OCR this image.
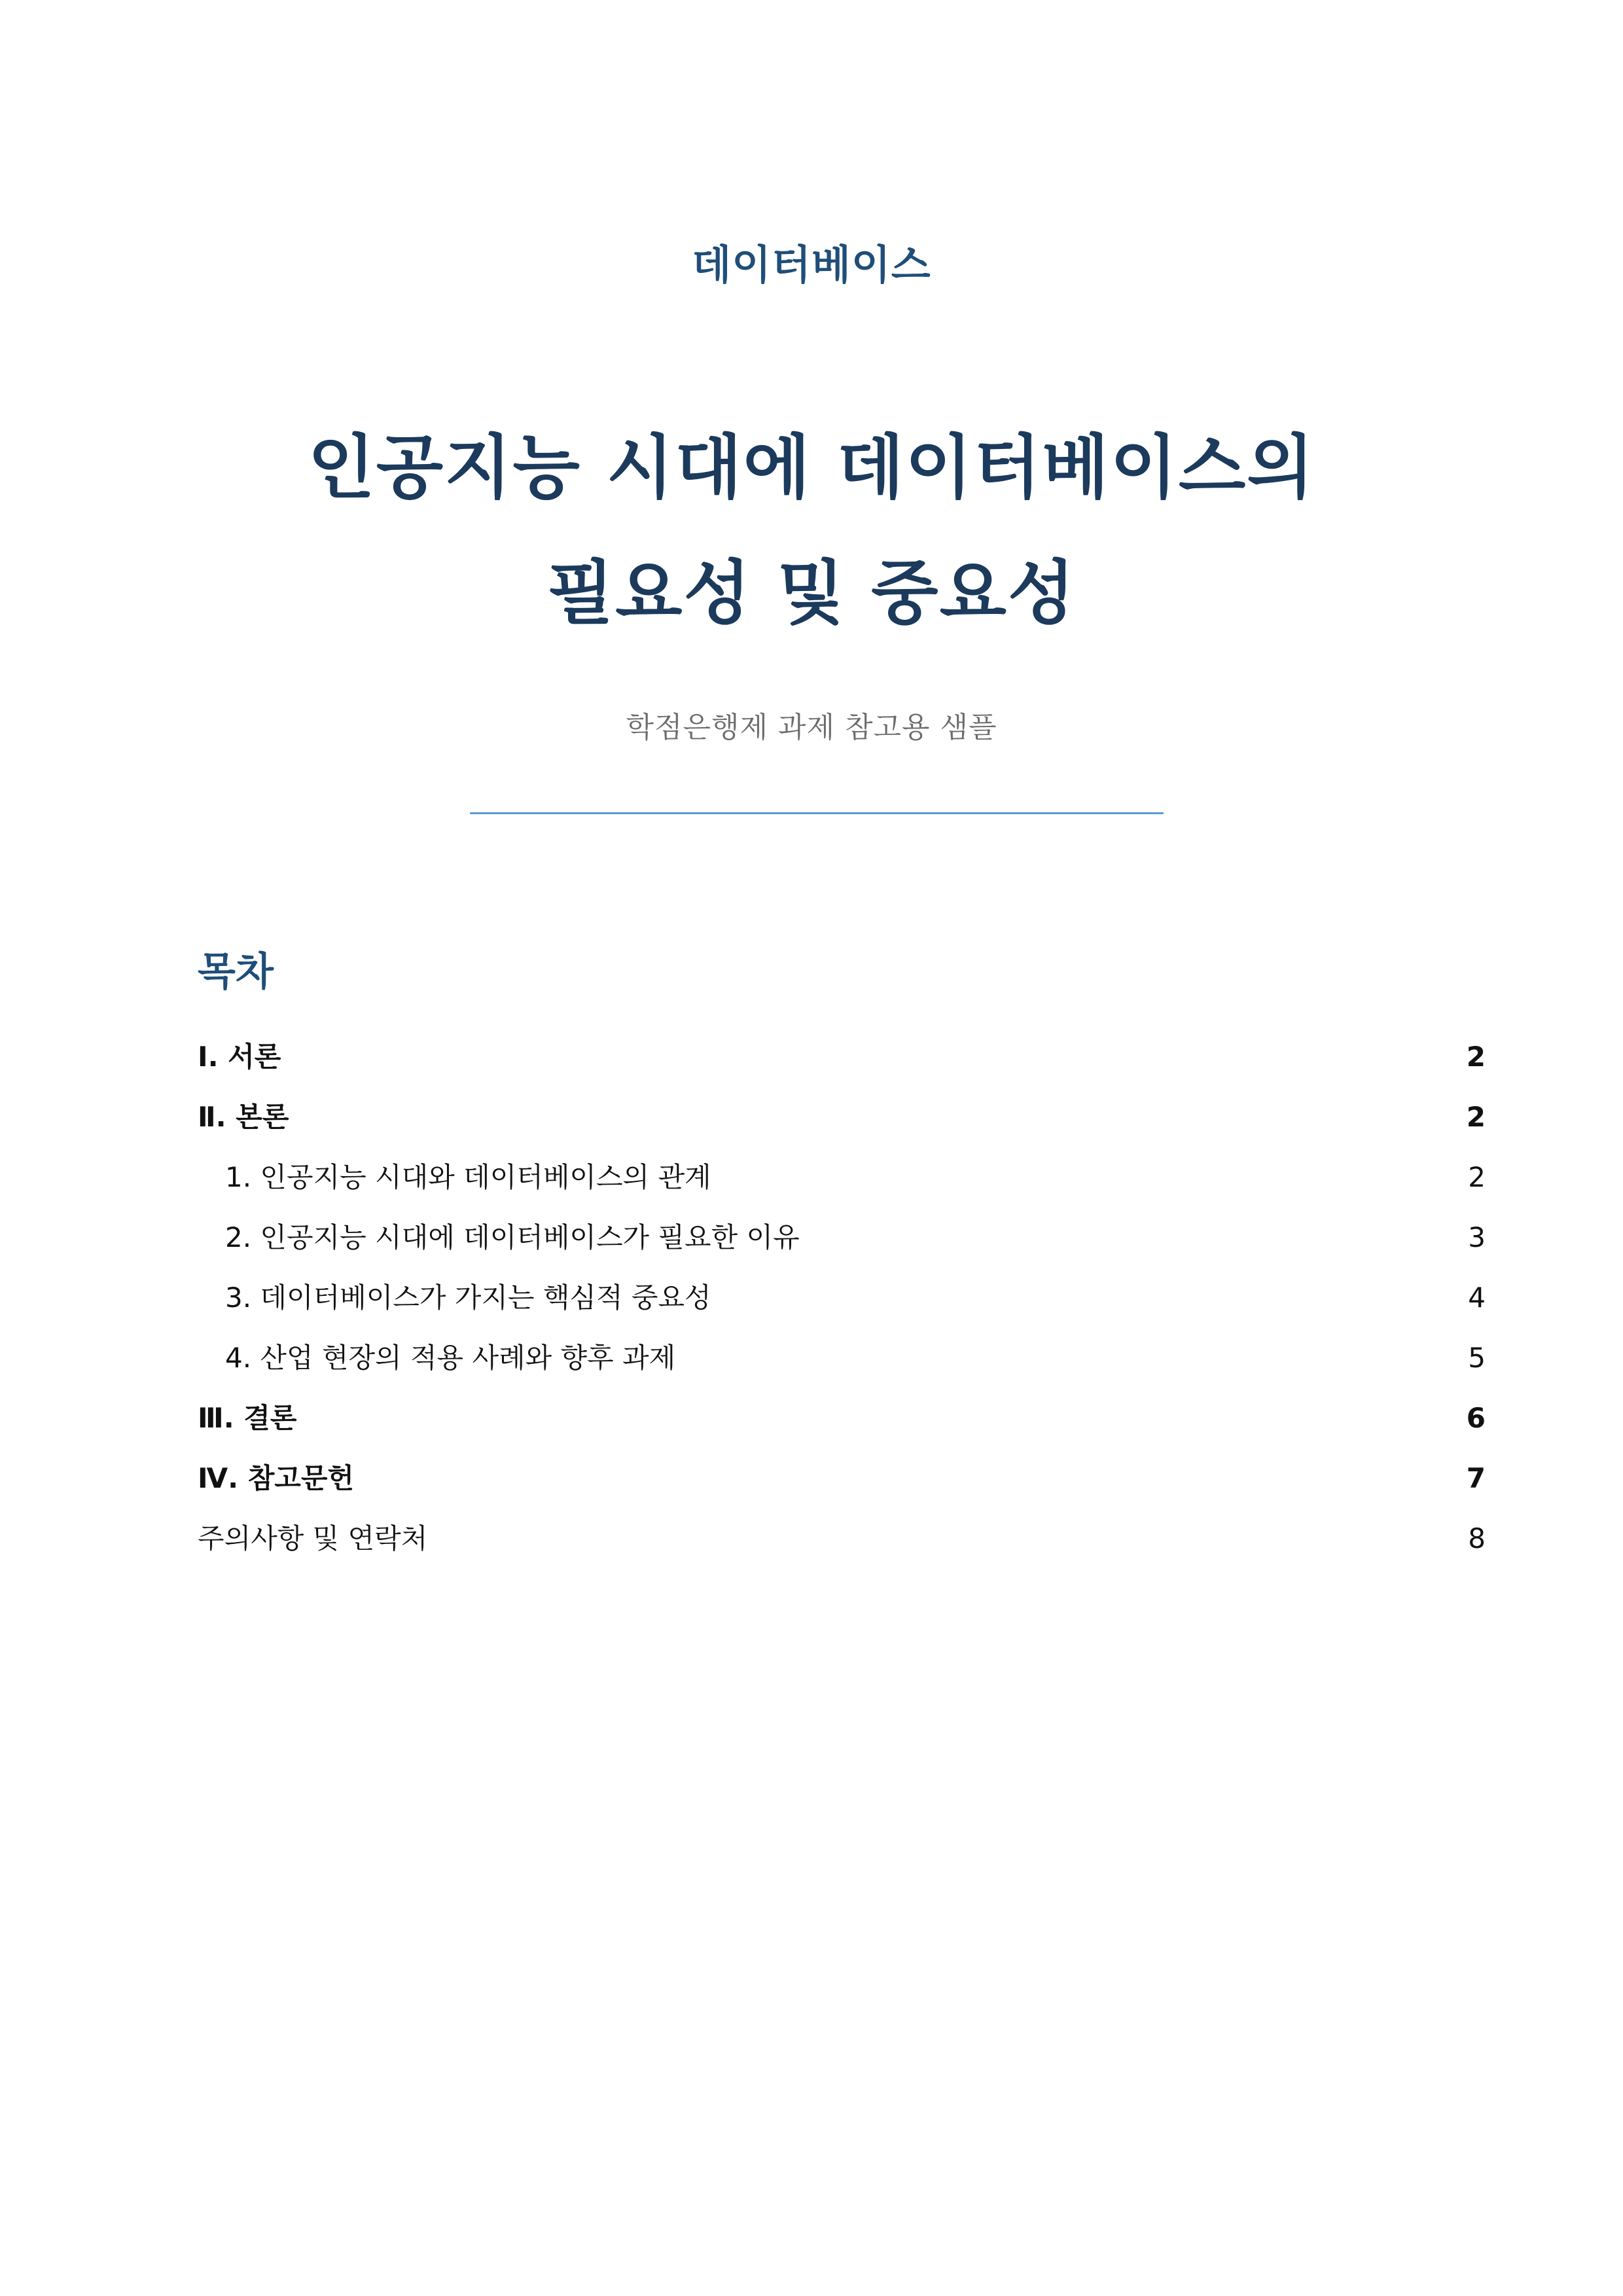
데이터베이스
인공지능 시대에 데이터베이스의
필요성 및 중요성
학점은행제 과제 참고용 샘플
목차
Ⅰ. 서론	2
Ⅱ. 본론	2
1. 인공지능 시대와 데이터베이스의 관계	2
2. 인공지능 시대에 데이터베이스가 필요한 이유	3
3. 데이터베이스가 가지는 핵심적 중요성	4
4. 산업 현장의 적용 사례와 향후 과제	5
Ⅲ. 결론	6
Ⅳ. 참고문헌	7
주의사항 및 연락처	8
